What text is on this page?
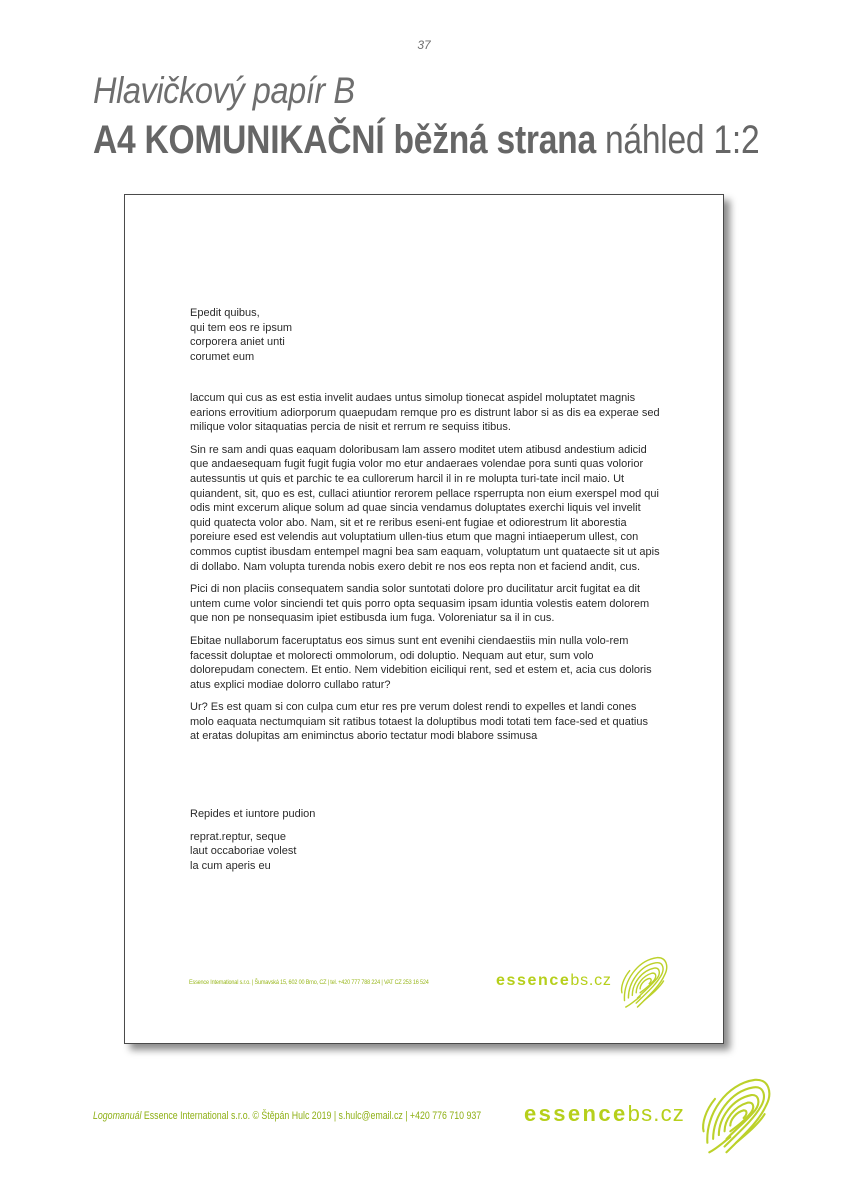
37
Hlavičkový papír B
A4 KOMUNIKAČNÍ běžná strana náhled 1:2
Epedit quibus,
qui tem eos re ipsum
corporera aniet unti
corumet eum

laccum qui cus as est estia invelit audaes untus simolup tionecat aspidel moluptatet magnis earions errovitium adiorporum quaepudam remque pro es distrunt labor si as dis ea experae sed milique volor sitaquatias percia de nisit et rerrum re sequiss itibus.

Sin re sam andi quas eaquam doloribusam lam assero moditet utem atibusd andestium adicid que andaesequam fugit fugit fugia volor mo etur andaeraes volendae pora sunti quas volorior autessuntis ut quis et parchic te ea cullorerum harcil il in re molupta turi-tate incil maio. Ut quiandent, sit, quo es est, cullaci atiuntior rerorem pellace rsperrupta non eium exerspel mod qui odis mint excerum alique solum ad quae sincia vendamus doluptates exerchi liquis vel invelit quid quatecta volor abo. Nam, sit et re reribus eseni-ent fugiae et odiorestrum lit aborestia poreiure esed est velendis aut voluptatium ullen-tius etum que magni intiaeperum ullest, con commos cuptist ibusdam entempel magni bea sam eaquam, voluptatum unt quataecte sit ut apis di dollabo. Nam volupta turenda nobis exero debit re nos eos repta non et faciend andit, cus.

Pici di non placiis consequatem sandia solor suntotati dolore pro ducilitatur arcit fugitat ea dit untem cume volor sinciendi tet quis porro opta sequasim ipsam iduntia volestis eatem dolorem que non pe nonsequasim ipiet estibusda ium fuga. Voloreniatur sa il in cus.

Ebitae nullaborum faceruptatus eos simus sunt ent evenihi ciendaestiis min nulla volo-rem facessit doluptae et molorecti ommolorum, odi doluptio. Nequam aut etur, sum volo dolorepudam conectem. Et entio. Nem videbition eiciliqui rent, sed et estem et, acia cus doloris atus explici modiae dolorro cullabo ratur?

Ur? Es est quam si con culpa cum etur res pre verum dolest rendi to expelles et landi cones molo eaquata nectumquiam sit ratibus totaest la doluptibus modi totati tem face-sed et quatius at eratas dolupitas am eniminctus aborio tectatur modi blabore ssimusa

Repides et iuntore pudion

reprat.reptur, seque
laut occaboriae volest
la cum aperis eu
Essence International s.r.o. | Šumavská 15, 602 00 Brno, CZ | tel. +420 777 788 224 | VAT CZ 253 16 524	essencebs.cz
Logomanuál Essence International s.r.o. © Štěpán Hulc 2019 | s.hulc@email.cz | +420 776 710 937 essencebs.cz
